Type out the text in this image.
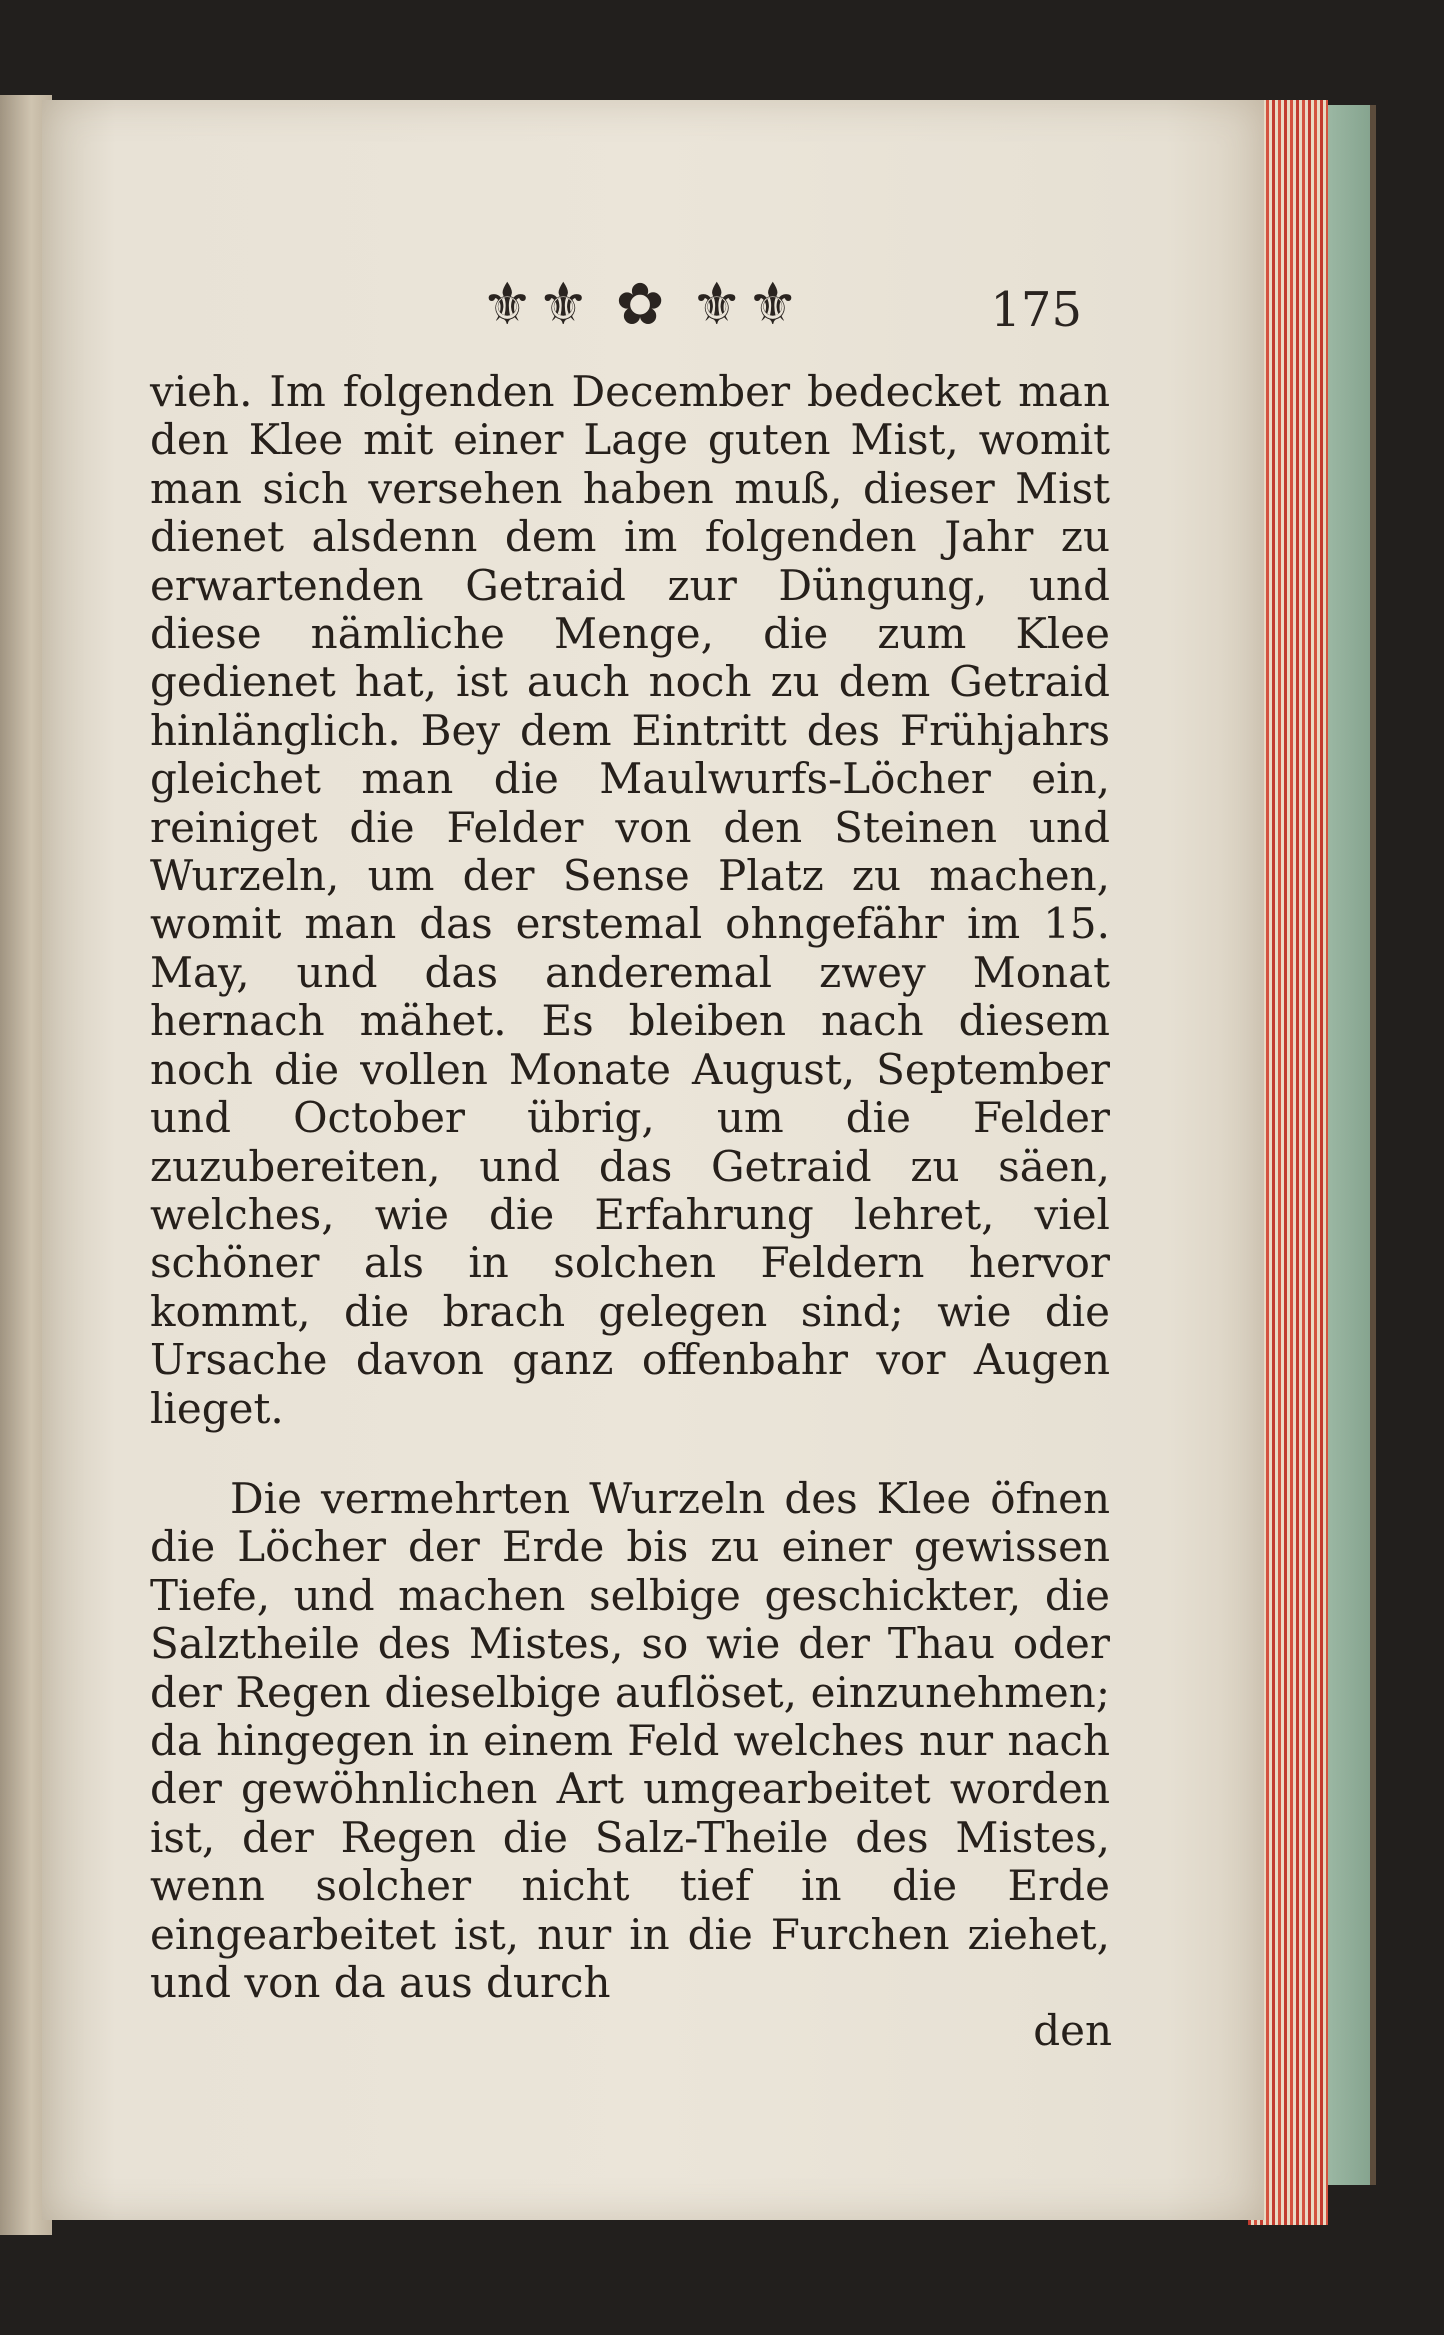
⚜⚜ ✿ ⚜⚜	175

vieh. Im folgenden December bedecket man den Klee mit einer Lage guten Mist, womit man sich versehen haben muß, dieser Mist dienet alsdenn dem im folgenden Jahr zu erwartenden Getraid zur Düngung, und diese nämliche Menge, die zum Klee gedienet hat, ist auch noch zu dem Getraid hinlänglich. Bey dem Eintritt des Frühjahrs gleichet man die Maulwurfs-Löcher ein, reiniget die Felder von den Steinen und Wurzeln, um der Sense Platz zu machen, womit man das erstemal ohngefähr im 15. May, und das anderemal zwey Monat hernach mähet. Es bleiben nach diesem noch die vollen Monate August, September und October übrig, um die Felder zuzubereiten, und das Getraid zu säen, welches, wie die Erfahrung lehret, viel schöner als in solchen Feldern hervor kommt, die brach gelegen sind; wie die Ursache davon ganz offenbahr vor Augen lieget.

Die vermehrten Wurzeln des Klee öfnen die Löcher der Erde bis zu einer gewissen Tiefe, und machen selbige geschickter, die Salztheile des Mistes, so wie der Thau oder der Regen dieselbige auflöset, einzunehmen; da hingegen in einem Feld welches nur nach der gewöhnlichen Art umgearbeitet worden ist, der Regen die Salz-Theile des Mistes, wenn solcher nicht tief in die Erde eingearbeitet ist, nur in die Furchen ziehet, und von da aus durch

den
